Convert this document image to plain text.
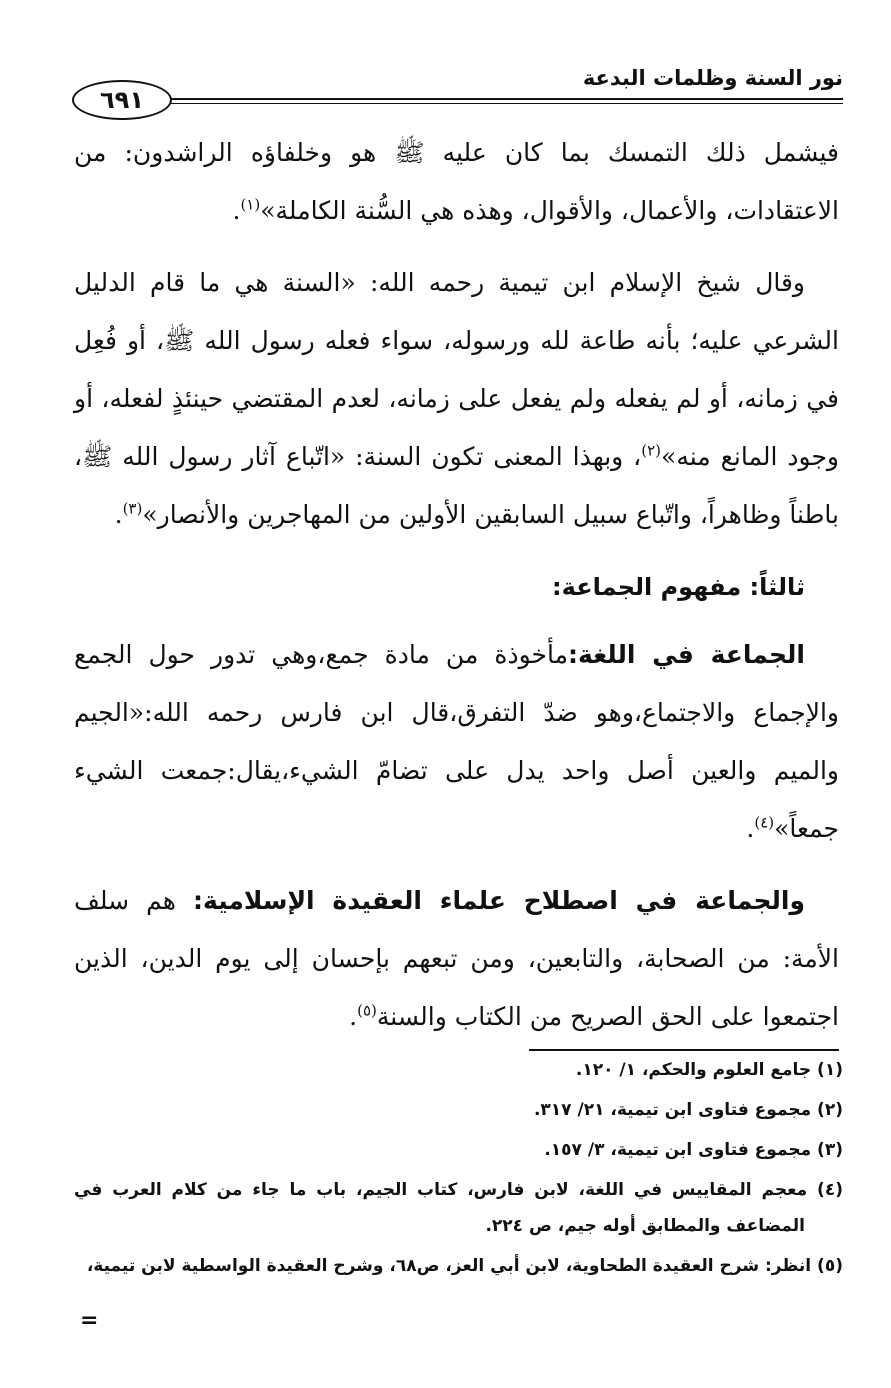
نور السنة وظلمات البدعة
٦٩١

فيشمل ذلك التمسك بما كان عليه ﷺ هو وخلفاؤه الراشدون: من الاعتقادات، والأعمال، والأقوال، وهذه هي السُّنة الكاملة»$^{(١)}$.

وقال شيخ الإسلام ابن تيمية رحمه الله: «السنة هي ما قام الدليل الشرعي عليه؛ بأنه طاعة لله ورسوله، سواء فعله رسول الله ﷺ، أو فُعِل في زمانه، أو لم يفعله ولم يفعل على زمانه، لعدم المقتضي حينئذٍ لفعله، أو وجود المانع منه»$^{(٢)}$، وبهذا المعنى تكون السنة: «اتّباع آثار رسول الله ﷺ، باطناً وظاهراً، واتّباع سبيل السابقين الأولين من المهاجرين والأنصار»$^{(٣)}$.

ثالثاً: مفهوم الجماعة:

الجماعة في اللغة:مأخوذة من مادة جمع،وهي تدور حول الجمع والإجماع والاجتماع،وهو ضدّ التفرق،قال ابن فارس رحمه الله:«الجيم والميم والعين أصل واحد يدل على تضامّ الشيء،يقال:جمعت الشيء جمعاً»$^{(٤)}$.

والجماعة في اصطلاح علماء العقيدة الإسلامية: هم سلف الأمة: من الصحابة، والتابعين، ومن تبعهم بإحسان إلى يوم الدين، الذين اجتمعوا على الحق الصريح من الكتاب والسنة$^{(٥)}$.

(١) جامع العلوم والحكم، ١/ ١٢٠.

(٢) مجموع فتاوى ابن تيمية، ٢١/ ٣١٧.

(٣) مجموع فتاوى ابن تيمية، ٣/ ١٥٧.

(٤) معجم المقاييس في اللغة، لابن فارس، كتاب الجيم، باب ما جاء من كلام العرب في المضاعف والمطابق أوله جيم، ص ٢٢٤.

(٥) انظر: شرح العقيدة الطحاوية، لابن أبي العز، ص٦٨، وشرح العقيدة الواسطية لابن تيمية،

=
